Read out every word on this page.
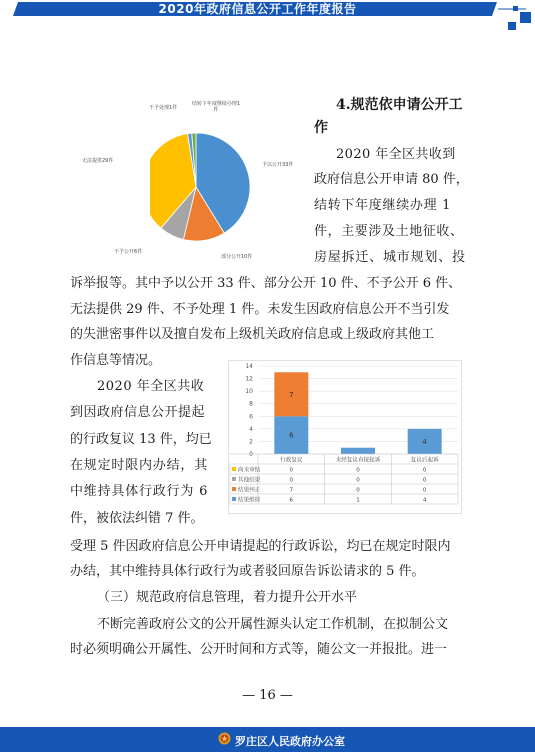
2020年政府信息公开工作年度报告
予以公开33件
部分公开10件
不予公开6件
无法提供29件
不予处理1件
结转下年度继续办理1件	4.规范依申请公开工
作
2020 年全区共收到
政府信息公开申请 80 件，
结转下年度继续办理 1
件，主要涉及土地征收、
房屋拆迁、城市规划、投
诉举报等。其中予以公开 33 件、部分公开 10 件、不予公开 6 件、
无法提供 29 件、不予处理 1 件。未发生因政府信息公开不当引发
的失泄密事件以及擅自发布上级机关政府信息或上级政府其他工
作信息等情况。
2020 年全区共收
到因政府信息公开提起
的行政复议 13 件，均已
在规定时限内办结，其
中维持具体行政行为 6
件，被依法纠错 7 件。
受理 5 件因政府信息公开申请提起的行政诉讼，均已在规定时限内
办结，其中维持具体行政行为或者驳回原告诉讼请求的 5 件。
（三）规范政府信息管理，着力提升公开水平
不断完善政府公文的公开属性源头认定工作机制，在拟制公文
时必须明确公开属性、公开时间和方式等，随公文一并报批。进一
0
2
4
6
8
10
12
14
6
7
4
行政复议	未经复议直接起诉	复议后起诉
尚未审结	0	0	0
其他结果	0	0	0
结果纠正	7	0	0
结果维持	6	1	4
— 16 —
罗庄区人民政府办公室
